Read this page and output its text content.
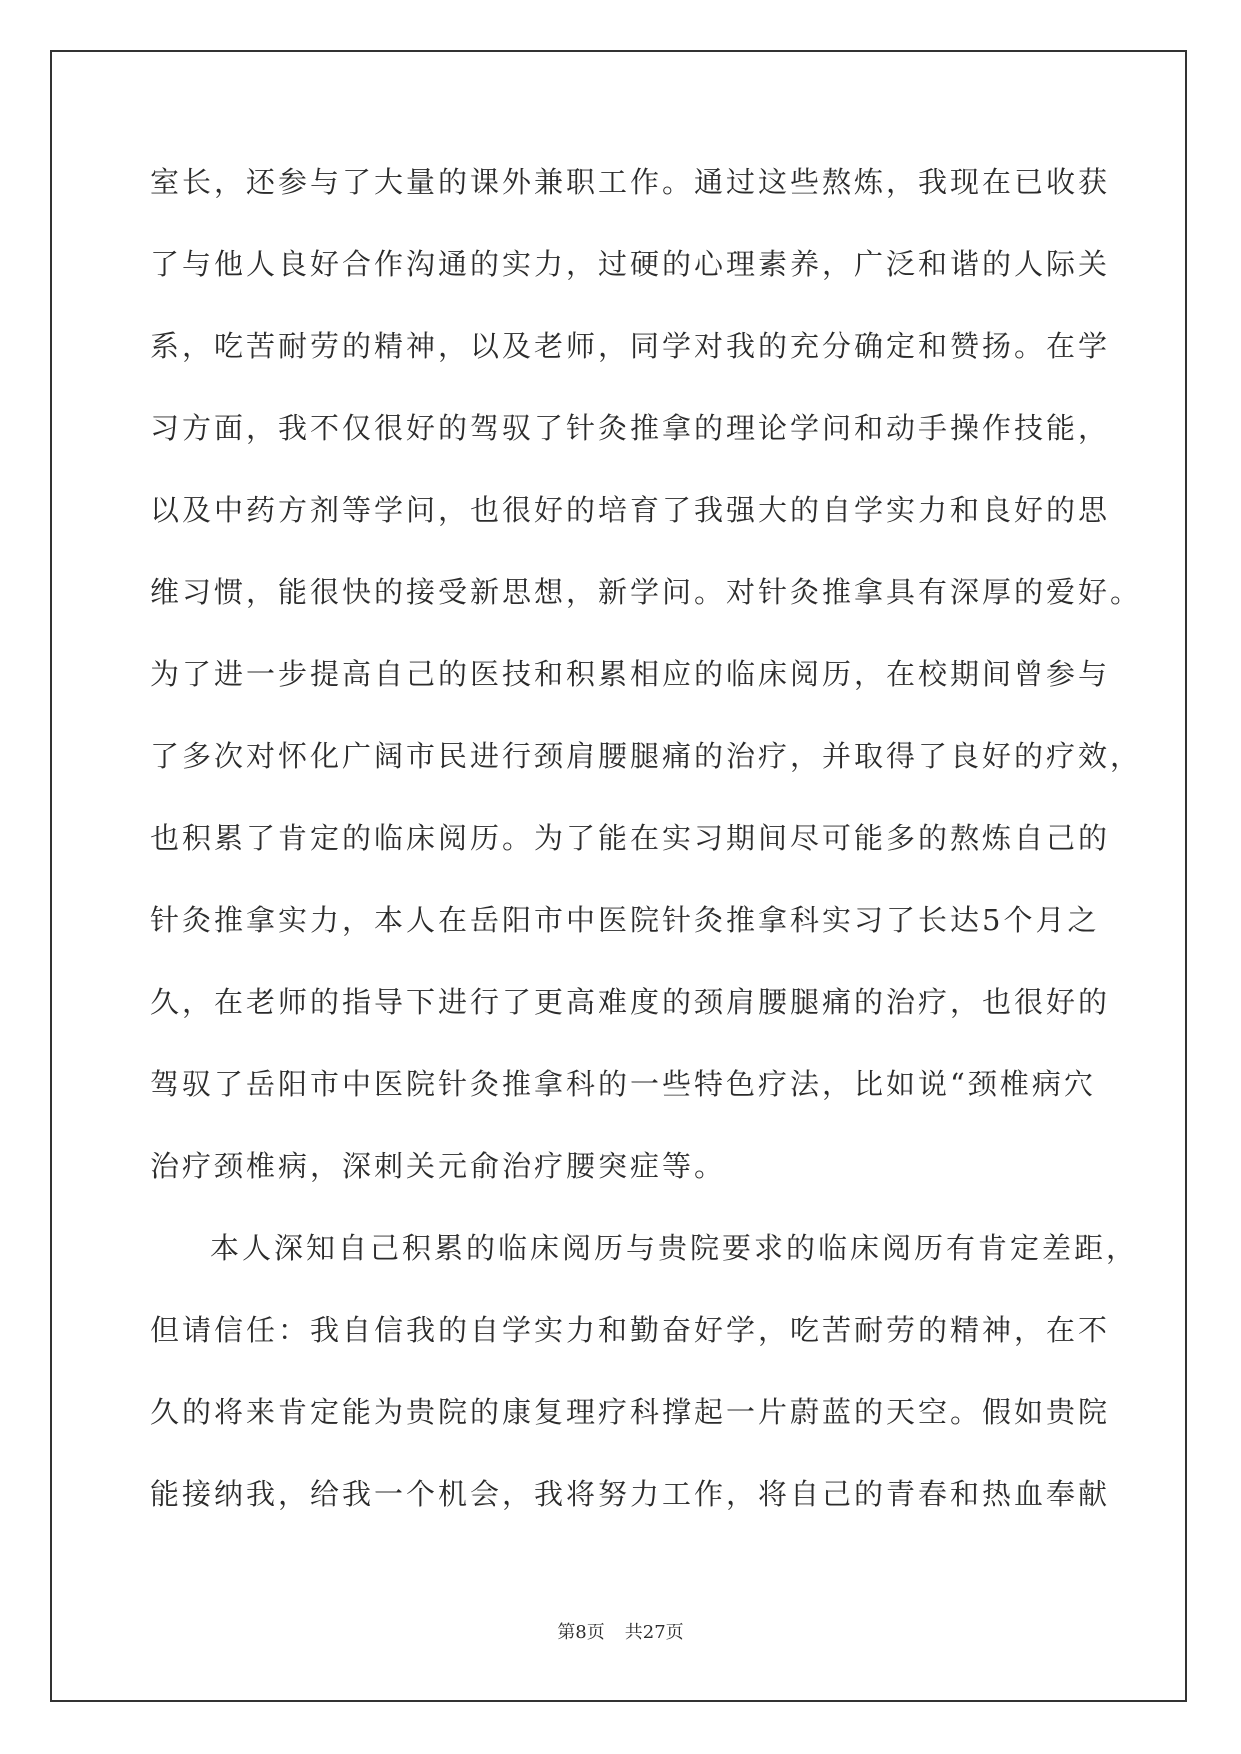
室长，还参与了大量的课外兼职工作。通过这些熬炼，我现在已收获
了与他人良好合作沟通的实力，过硬的心理素养，广泛和谐的人际关
系，吃苦耐劳的精神，以及老师，同学对我的充分确定和赞扬。在学
习方面，我不仅很好的驾驭了针灸推拿的理论学问和动手操作技能，
以及中药方剂等学问，也很好的培育了我强大的自学实力和良好的思
维习惯，能很快的接受新思想，新学问。对针灸推拿具有深厚的爱好。
为了进一步提高自己的医技和积累相应的临床阅历，在校期间曾参与
了多次对怀化广阔市民进行颈肩腰腿痛的治疗，并取得了良好的疗效，
也积累了肯定的临床阅历。为了能在实习期间尽可能多的熬炼自己的
针灸推拿实力，本人在岳阳市中医院针灸推拿科实习了长达5个月之
久，在老师的指导下进行了更高难度的颈肩腰腿痛的治疗，也很好的
驾驭了岳阳市中医院针灸推拿科的一些特色疗法，比如说“颈椎病穴
治疗颈椎病，深刺关元俞治疗腰突症等。
本人深知自己积累的临床阅历与贵院要求的临床阅历有肯定差距，
但请信任：我自信我的自学实力和勤奋好学，吃苦耐劳的精神，在不
久的将来肯定能为贵院的康复理疗科撑起一片蔚蓝的天空。假如贵院
能接纳我，给我一个机会，我将努力工作，将自己的青春和热血奉献
第8页 共27页
